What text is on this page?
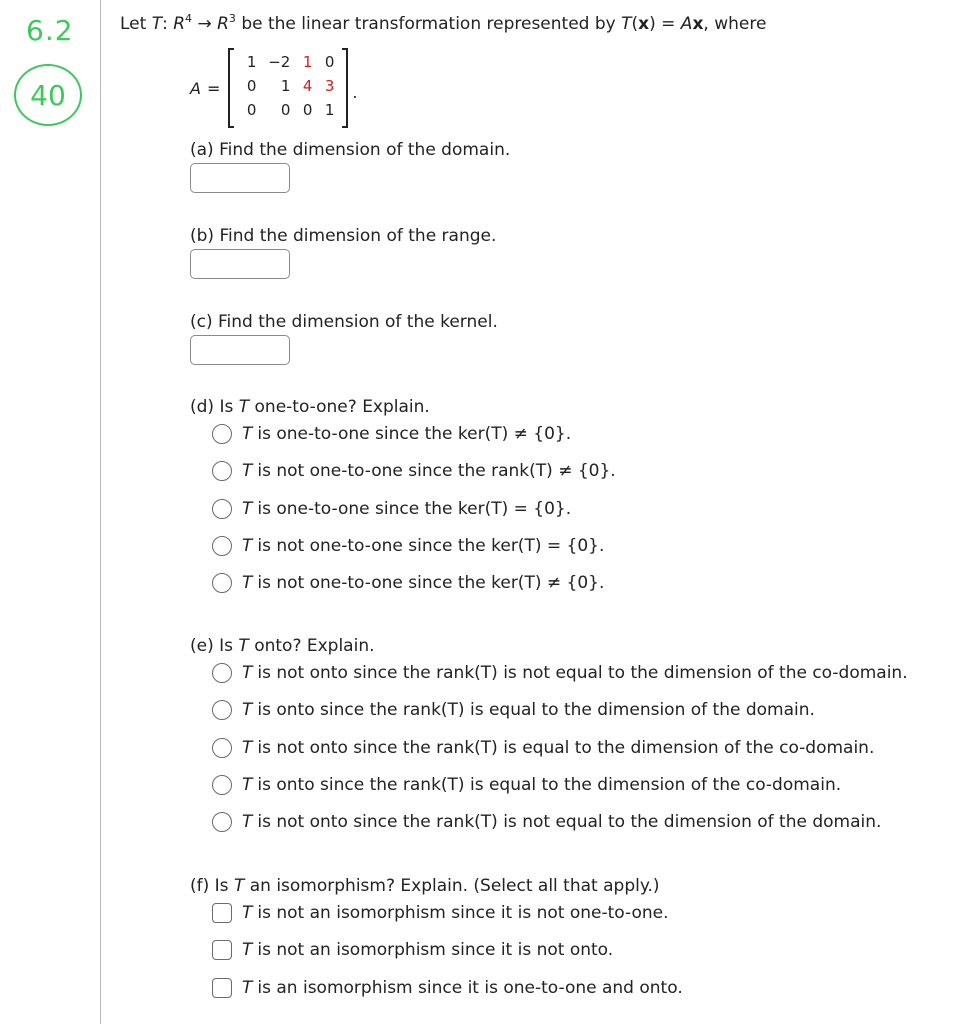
6.2
40
Let T: $R^4 \to R^3$ be the linear transformation represented by T(x) = Ax, where
A =
1 −2 1 0
0	1 4 3
0	0 0 1
.
(a) Find the dimension of the domain.
(b) Find the dimension of the range.
(c) Find the dimension of the kernel.
(d) Is T one-to-one? Explain.
T is one-to-one since the ker(T) ≠ {0}.
T is not one-to-one since the rank(T) ≠ {0}.
T is one-to-one since the ker(T) = {0}.
T is not one-to-one since the ker(T) = {0}.
T is not one-to-one since the ker(T) ≠ {0}.
(e) Is T onto? Explain.
T is not onto since the rank(T) is not equal to the dimension of the co-domain.
T is onto since the rank(T) is equal to the dimension of the domain.
T is not onto since the rank(T) is equal to the dimension of the co-domain.
T is onto since the rank(T) is equal to the dimension of the co-domain.
T is not onto since the rank(T) is not equal to the dimension of the domain.
(f) Is T an isomorphism? Explain. (Select all that apply.)
T is not an isomorphism since it is not one-to-one.
T is not an isomorphism since it is not onto.
T is an isomorphism since it is one-to-one and onto.
